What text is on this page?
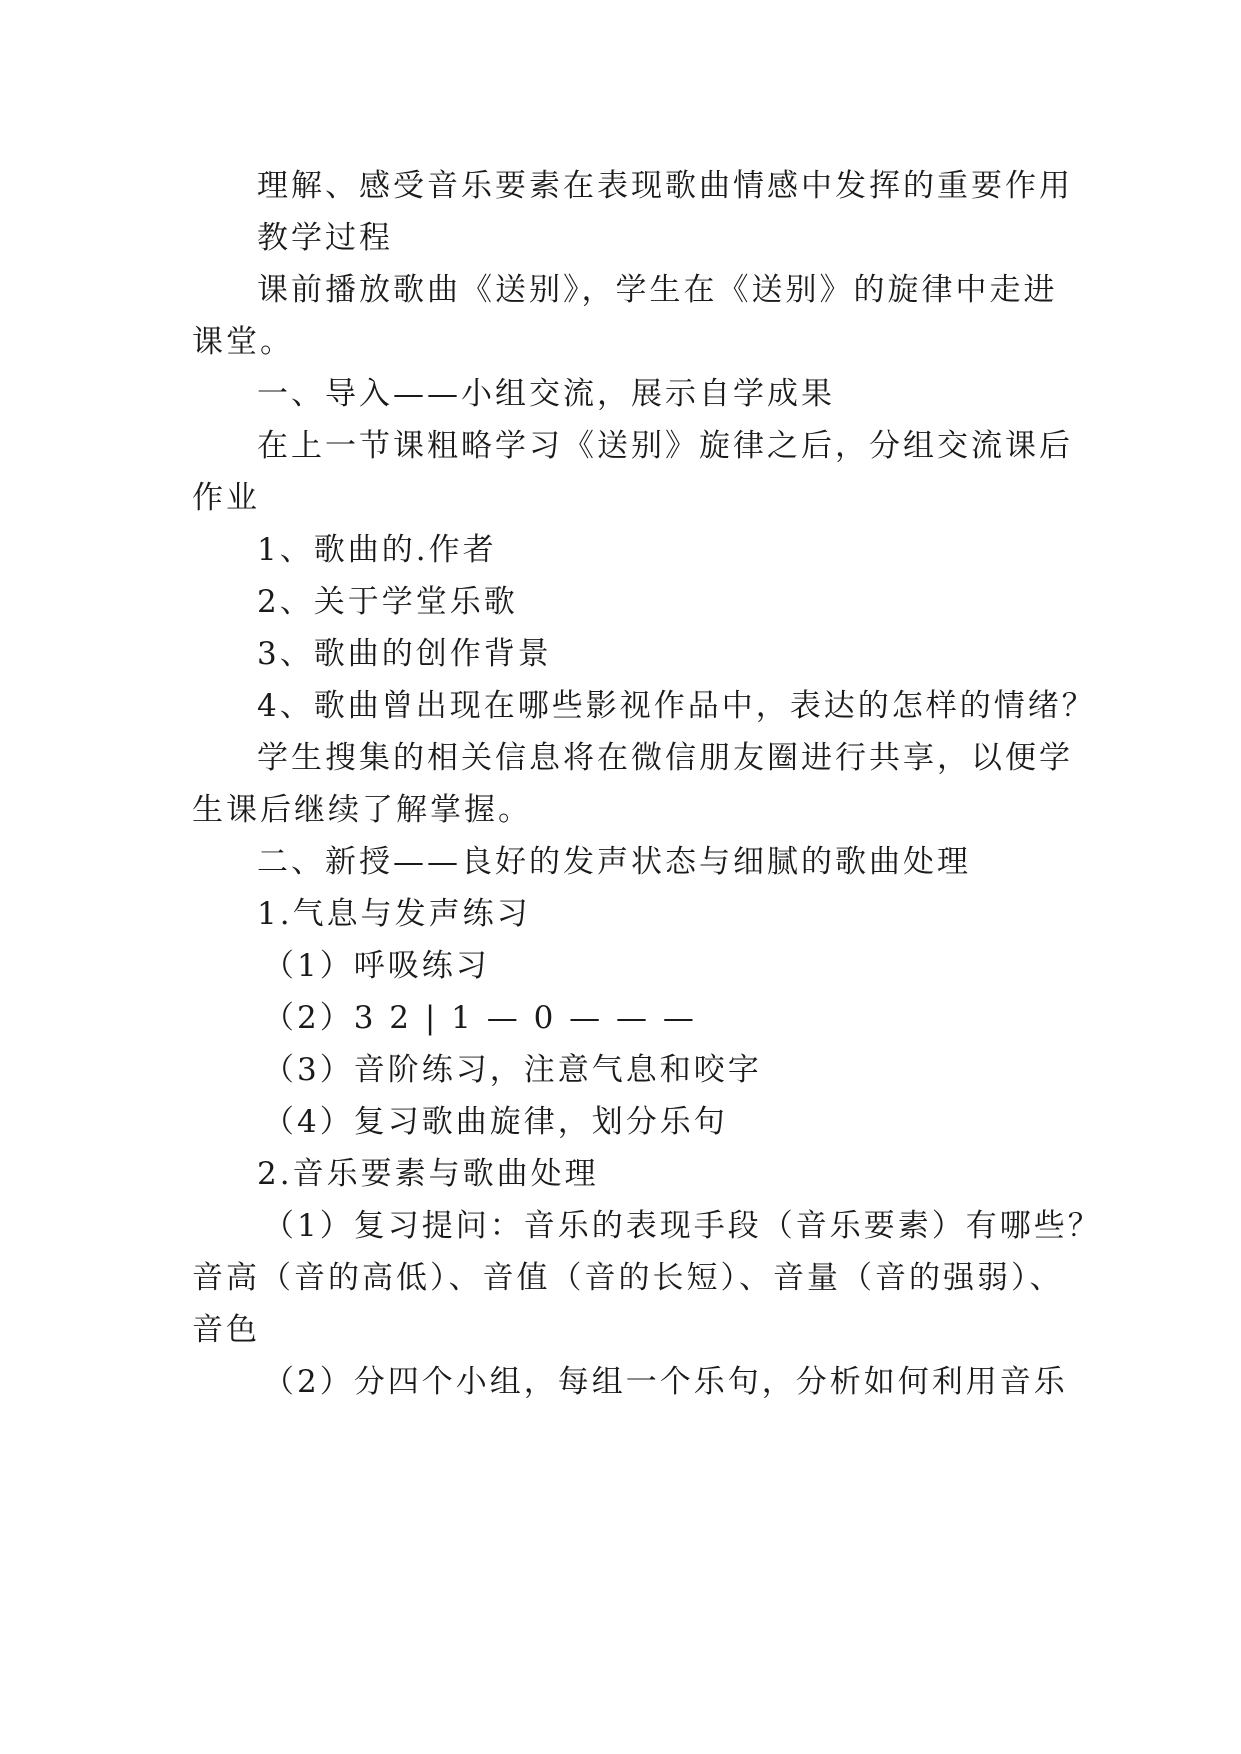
理解、感受音乐要素在表现歌曲情感中发挥的重要作用
教学过程
课前播放歌曲《送别》，学生在《送别》的旋律中走进
课堂。
一、导入——小组交流，展示自学成果
在上一节课粗略学习《送别》旋律之后，分组交流课后
作业
1、歌曲的.作者
2、关于学堂乐歌
3、歌曲的创作背景
4、歌曲曾出现在哪些影视作品中，表达的怎样的情绪？
学生搜集的相关信息将在微信朋友圈进行共享，以便学
生课后继续了解掌握。
二、新授——良好的发声状态与细腻的歌曲处理
1.气息与发声练习
（1）呼吸练习
（2）3 2 | 1 — 0 — — —
（3）音阶练习，注意气息和咬字
（4）复习歌曲旋律，划分乐句
2.音乐要素与歌曲处理
（1）复习提问：音乐的表现手段（音乐要素）有哪些？
音高（音的高低）、音值（音的长短）、音量（音的强弱）、
音色
（2）分四个小组，每组一个乐句，分析如何利用音乐
